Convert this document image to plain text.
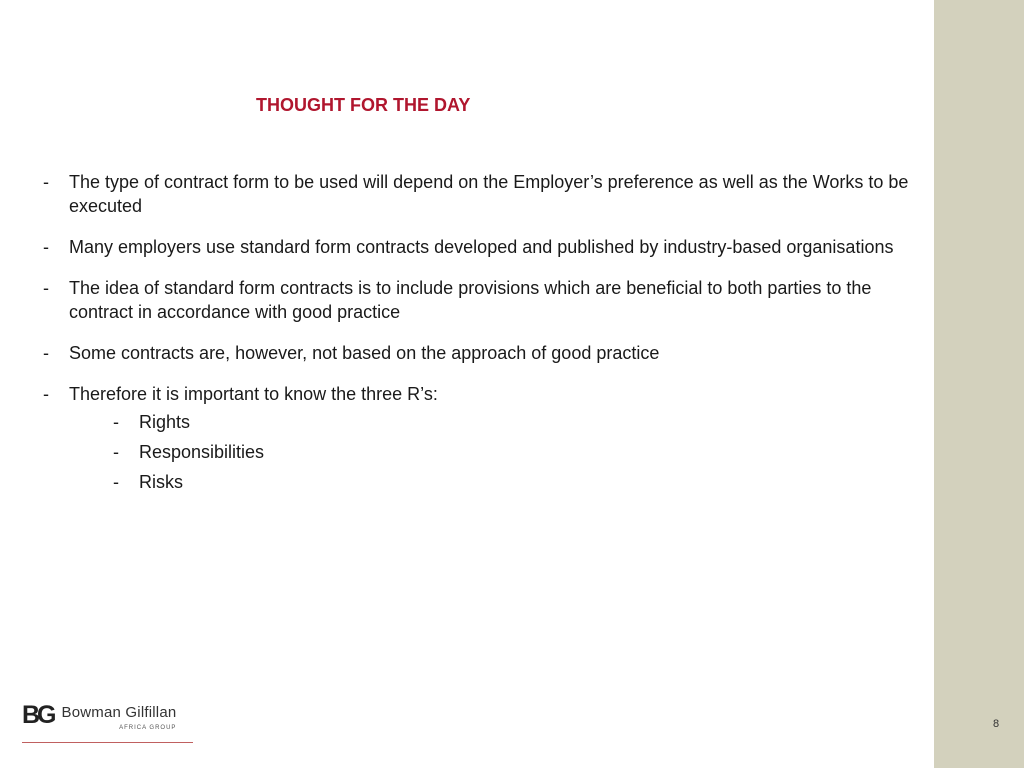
THOUGHT FOR THE DAY
- The type of contract form to be used will depend on the Employer’s preference as well as the Works to be executed
- Many employers use standard form contracts developed and published by industry-based organisations
- The idea of standard form contracts is to include provisions which are beneficial to both parties to the contract in accordance with good practice
- Some contracts are, however, not based on the approach of good practice
- Therefore it is important to know the three R’s:
- Rights
- Responsibilities
- Risks
BG Bowman Gilfillan
AFRICA GROUP	8
